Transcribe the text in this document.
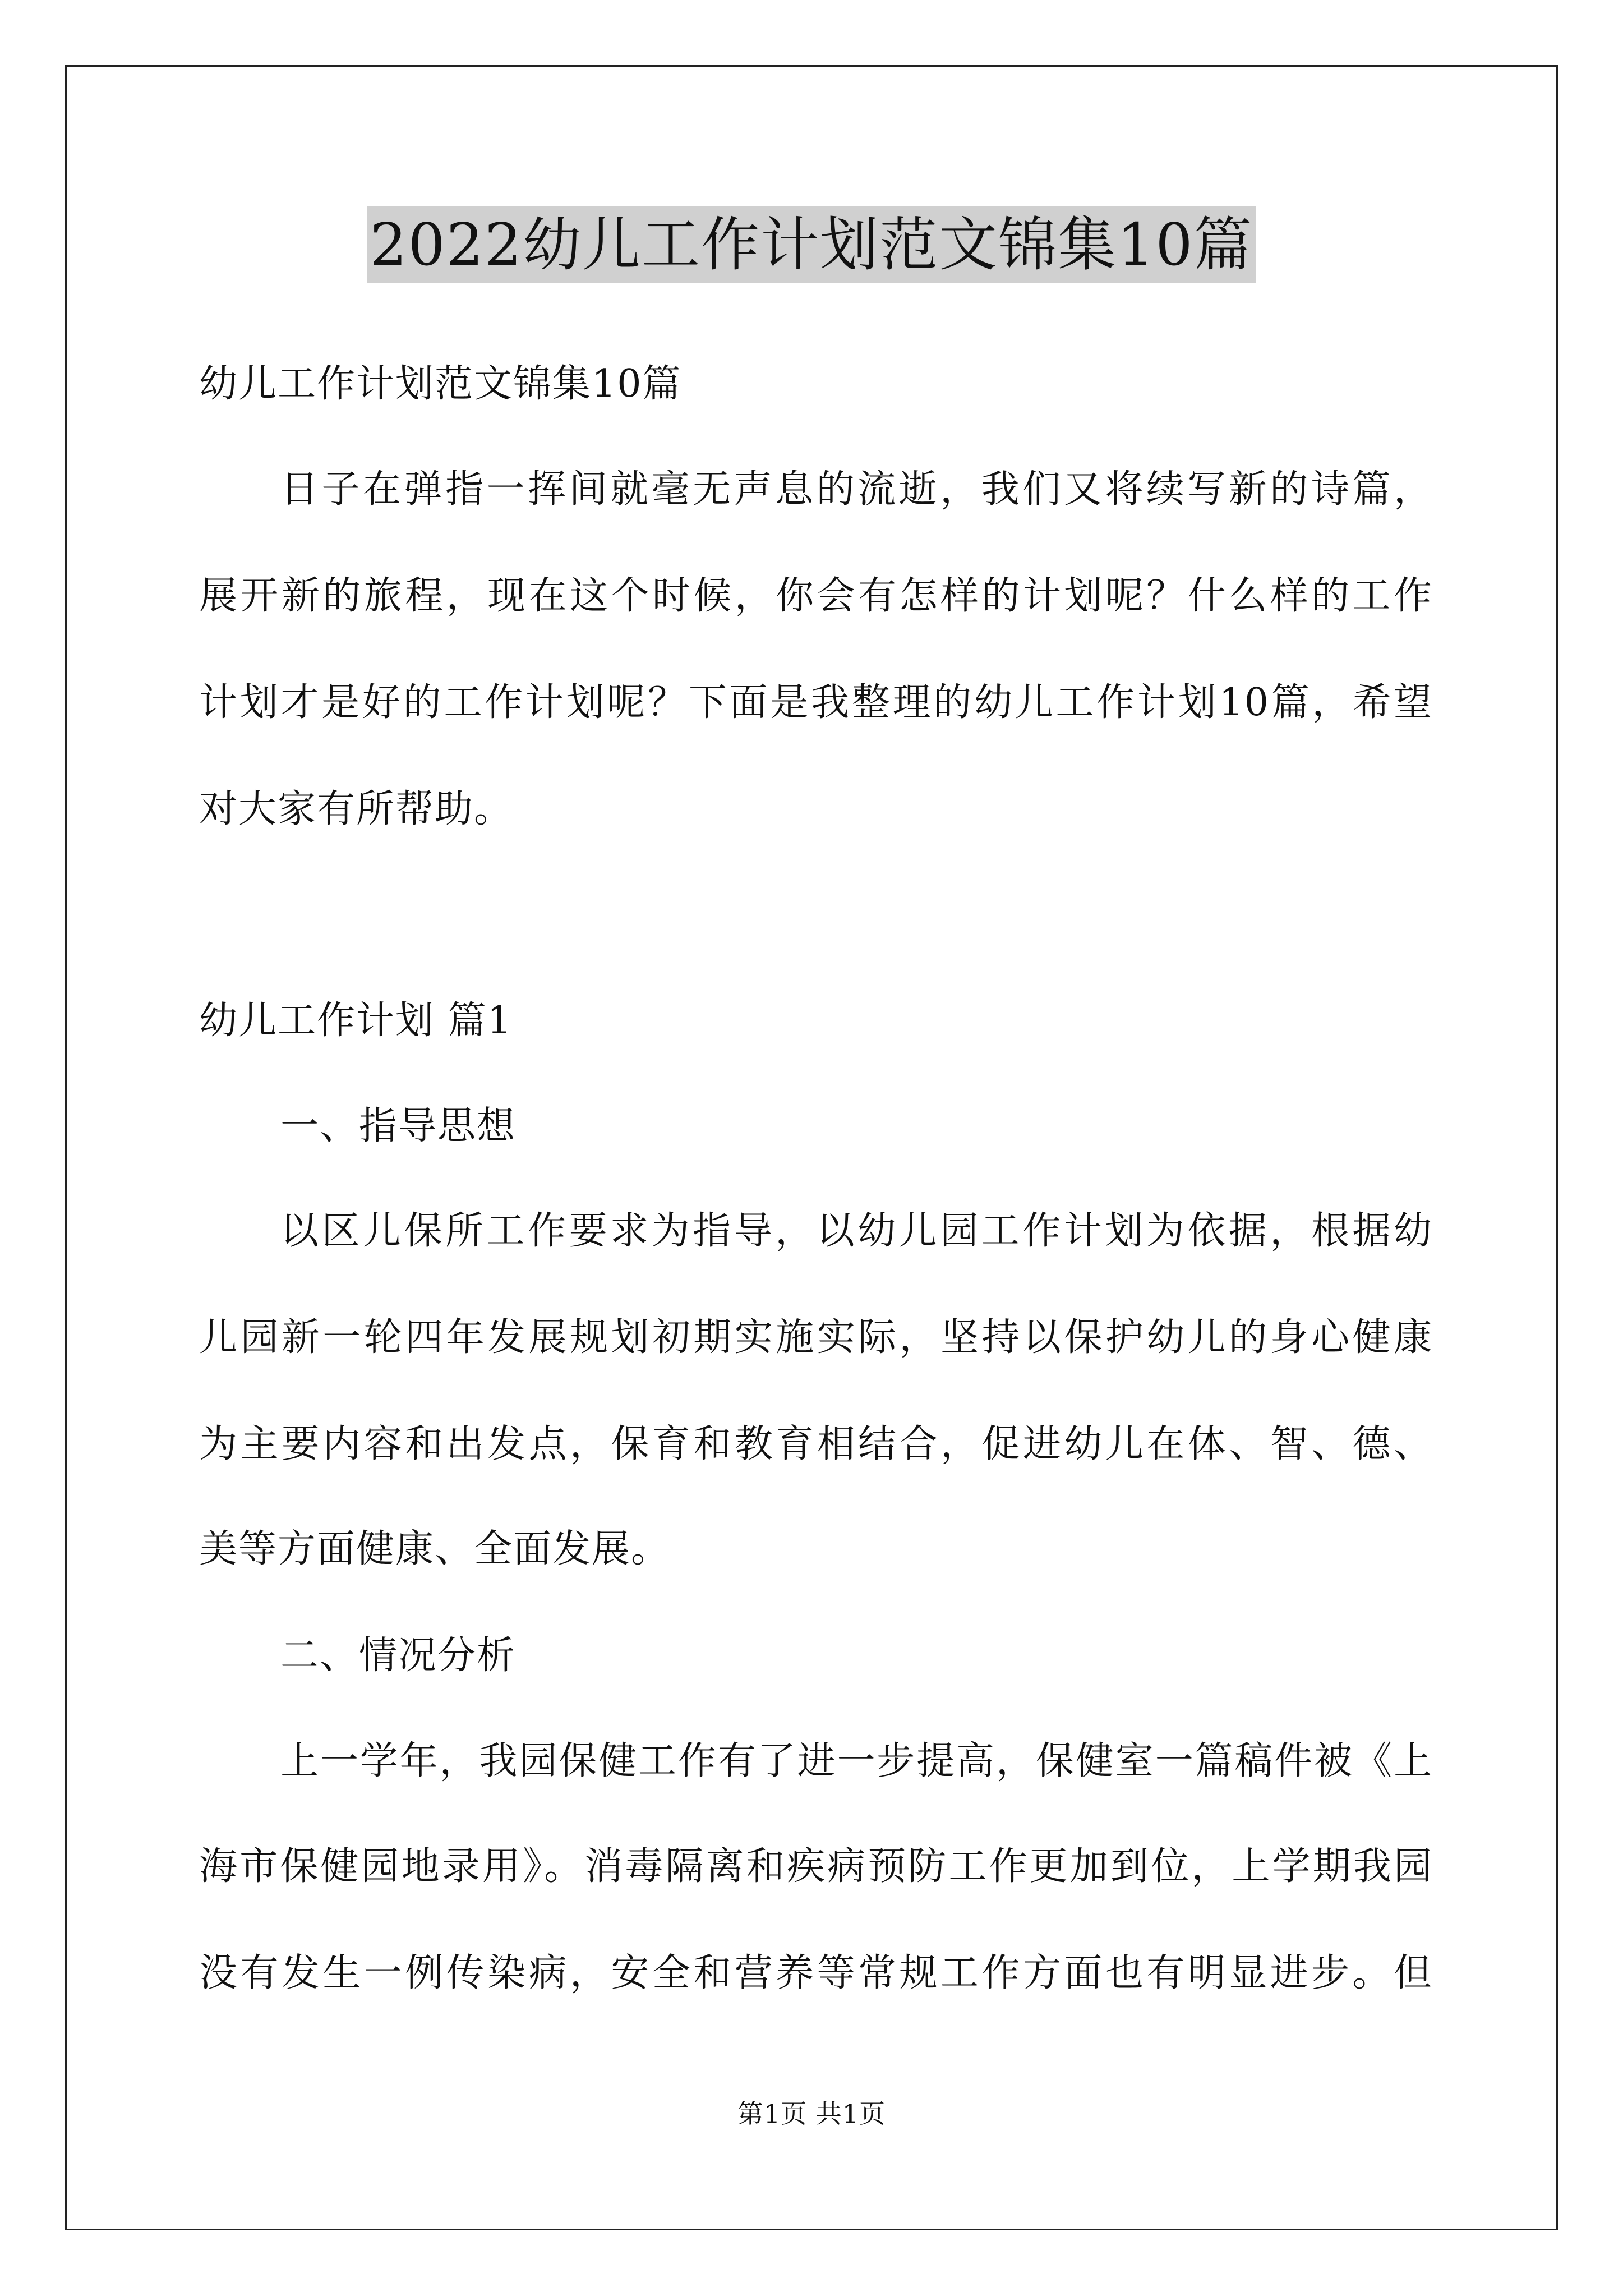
2022幼儿工作计划范文锦集10篇
幼儿工作计划范文锦集10篇
日子在弹指一挥间就毫无声息的流逝，我们又将续写新的诗篇，
展开新的旅程，现在这个时候，你会有怎样的计划呢？什么样的工作
计划才是好的工作计划呢？下面是我整理的幼儿工作计划10篇，希望
对大家有所帮助。
幼儿工作计划 篇1
一、指导思想
以区儿保所工作要求为指导，以幼儿园工作计划为依据，根据幼
儿园新一轮四年发展规划初期实施实际，坚持以保护幼儿的身心健康
为主要内容和出发点，保育和教育相结合，促进幼儿在体、智、德、
美等方面健康、全面发展。
二、情况分析
上一学年，我园保健工作有了进一步提高，保健室一篇稿件被《上
海市保健园地录用》。消毒隔离和疾病预防工作更加到位，上学期我园
没有发生一例传染病，安全和营养等常规工作方面也有明显进步。但
第1页 共1页
